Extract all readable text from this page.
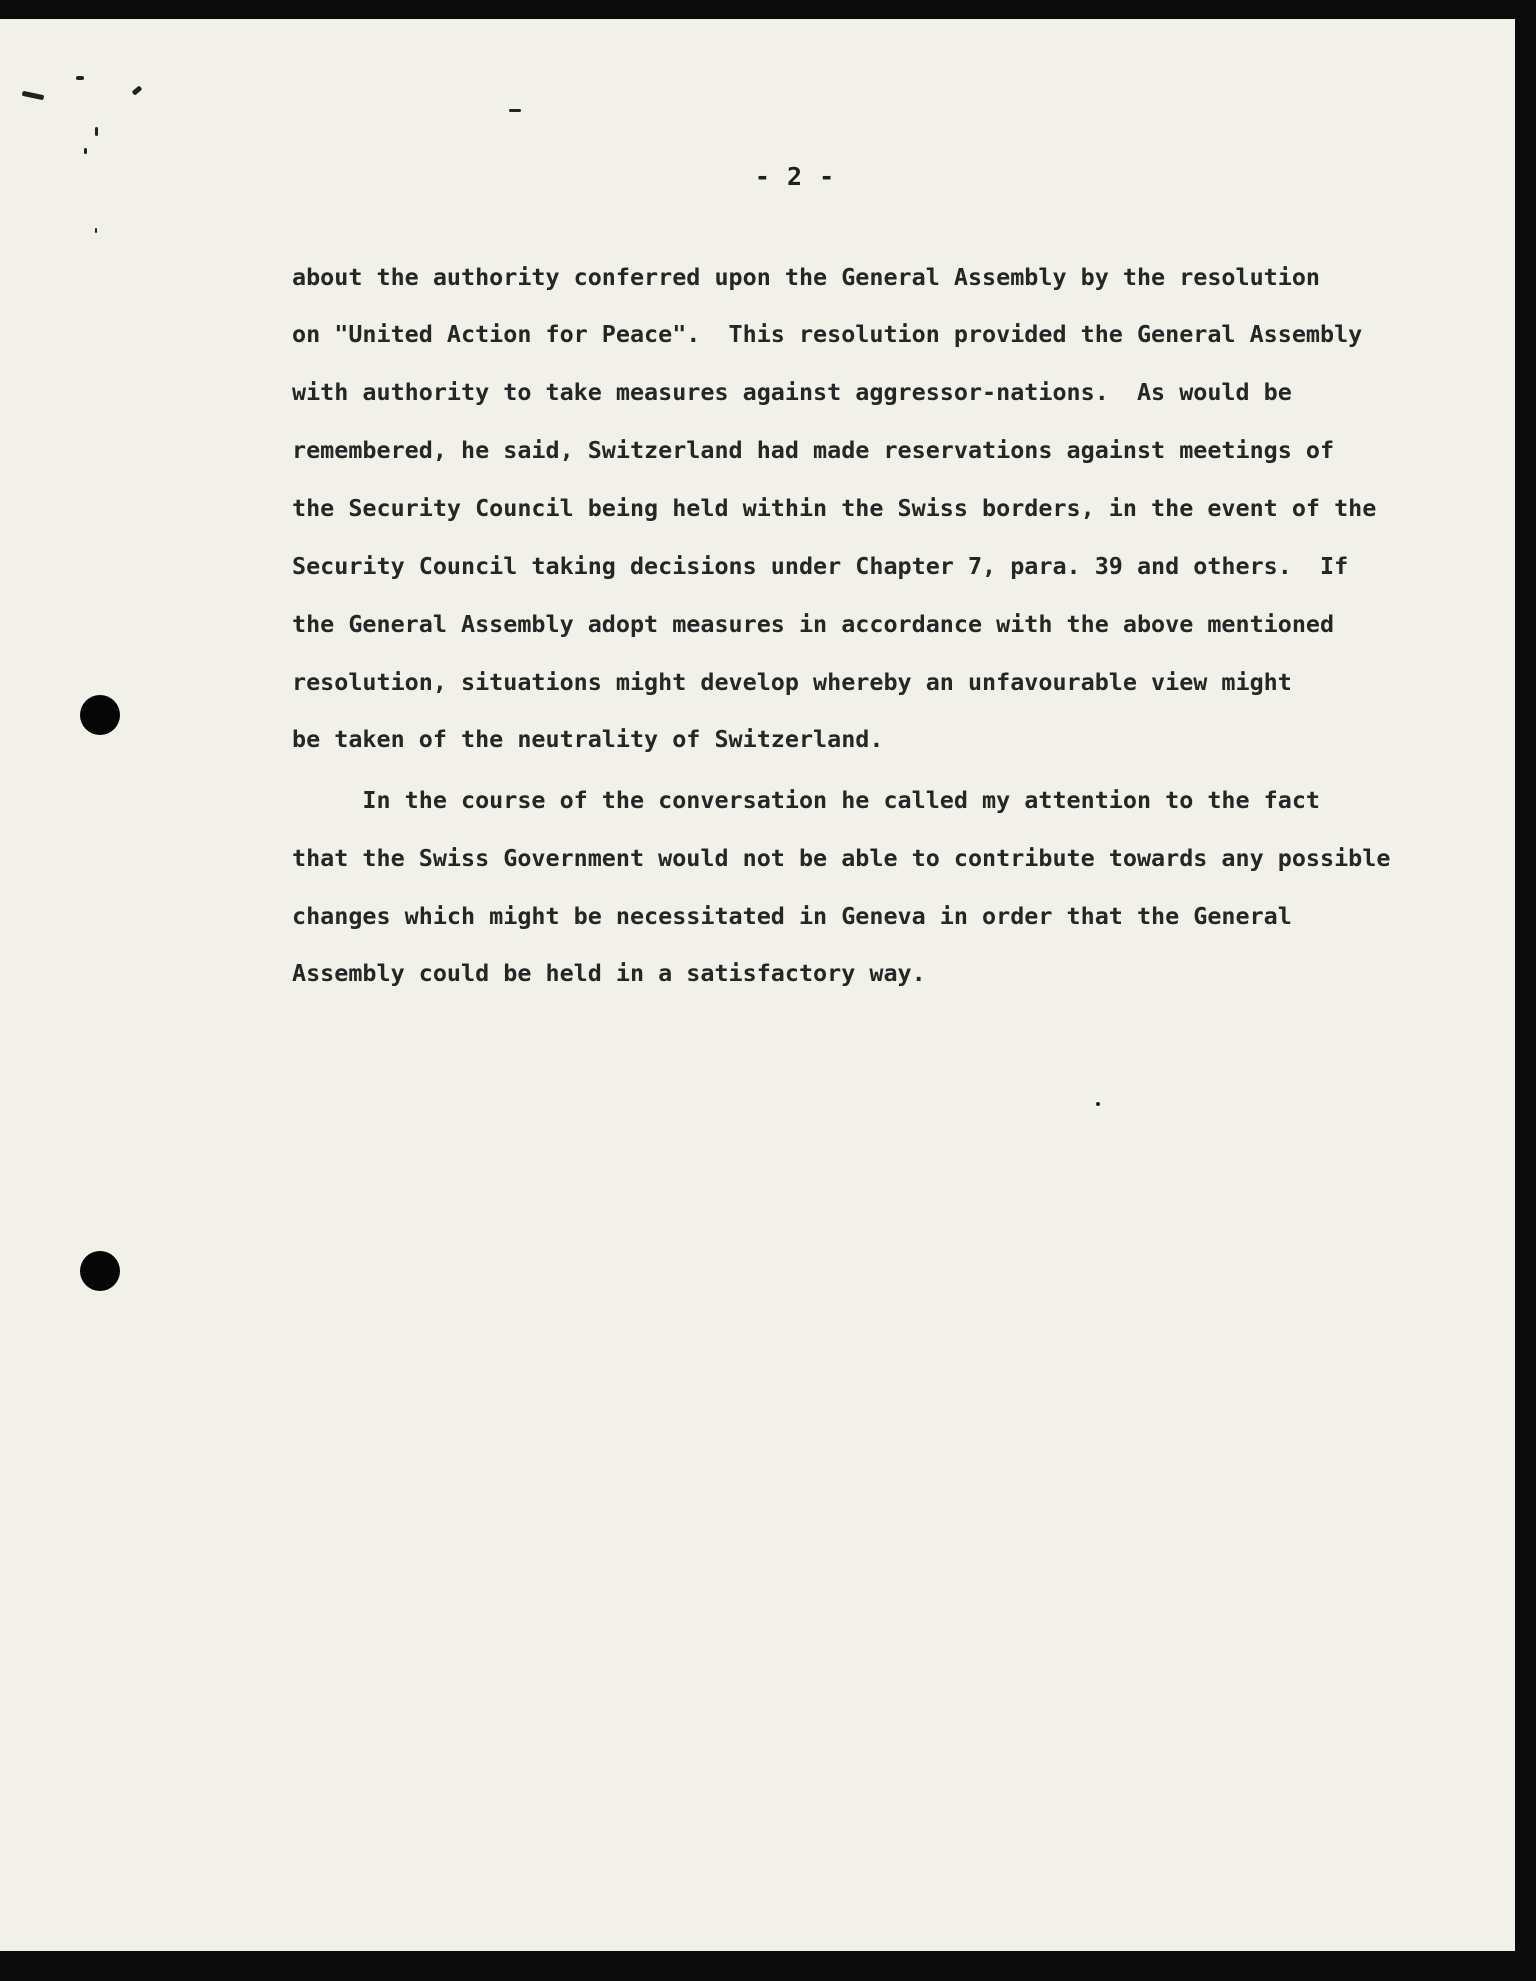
- 2 -
about the authority conferred upon the General Assembly by the resolution
on "United Action for Peace".  This resolution provided the General Assembly
with authority to take measures against aggressor-nations.  As would be
remembered, he said, Switzerland had made reservations against meetings of
the Security Council being held within the Swiss borders, in the event of the
Security Council taking decisions under Chapter 7, para. 39 and others.  If
the General Assembly adopt measures in accordance with the above mentioned
resolution, situations might develop whereby an unfavourable view might
be taken of the neutrality of Switzerland.
In the course of the conversation he called my attention to the fact
that the Swiss Government would not be able to contribute towards any possible
changes which might be necessitated in Geneva in order that the General
Assembly could be held in a satisfactory way.
